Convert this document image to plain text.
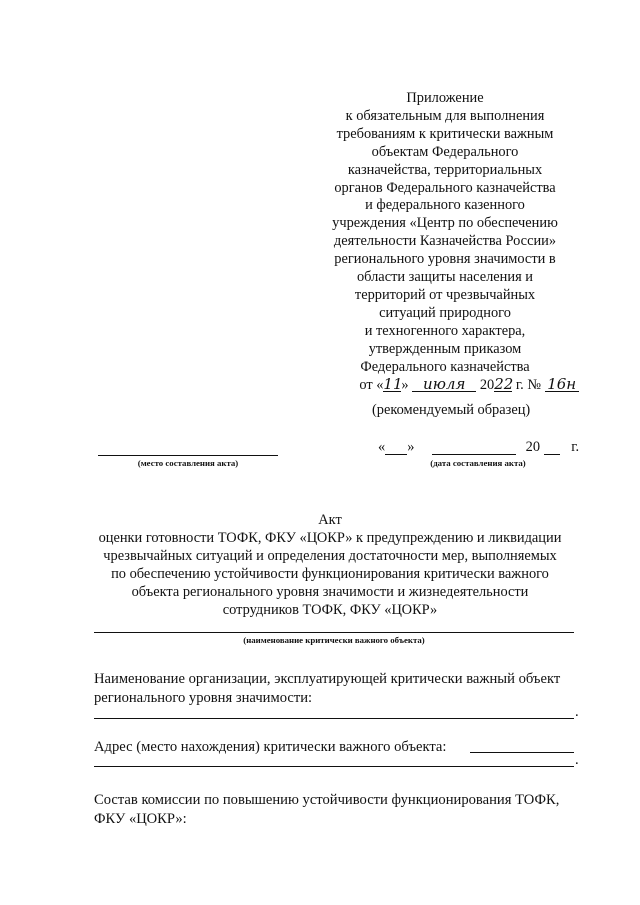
Приложение
к обязательным для выполнения
требованиям к критически важным
объектам Федерального
казначейства, территориальных
органов Федерального казначейства
и федерального казенного
учреждения «Центр по обеспечению
деятельности Казначейства России»
регионального уровня значимости в
области защиты населения и
территорий от чрезвычайных
ситуаций природного
и техногенного характера,
утвержденным приказом
Федерального казначейства
от «11» июля 2022 г. № 16н
(рекомендуемый образец)
(место составления акта)
« »	20 г.
(дата составления акта)
Акт
оценки готовности ТОФК, ФКУ «ЦОКР» к предупреждению и ликвидации
чрезвычайных ситуаций и определения достаточности мер, выполняемых
по обеспечению устойчивости функционирования критически важного
объекта регионального уровня значимости и жизнедеятельности
сотрудников ТОФК, ФКУ «ЦОКР»
(наименование критически важного объекта)
Наименование организации, эксплуатирующей критически важный объект
регионального уровня значимости:
.
Адрес (место нахождения) критически важного объекта:
.
Состав комиссии по повышению устойчивости функционирования ТОФК,
ФКУ «ЦОКР»:
